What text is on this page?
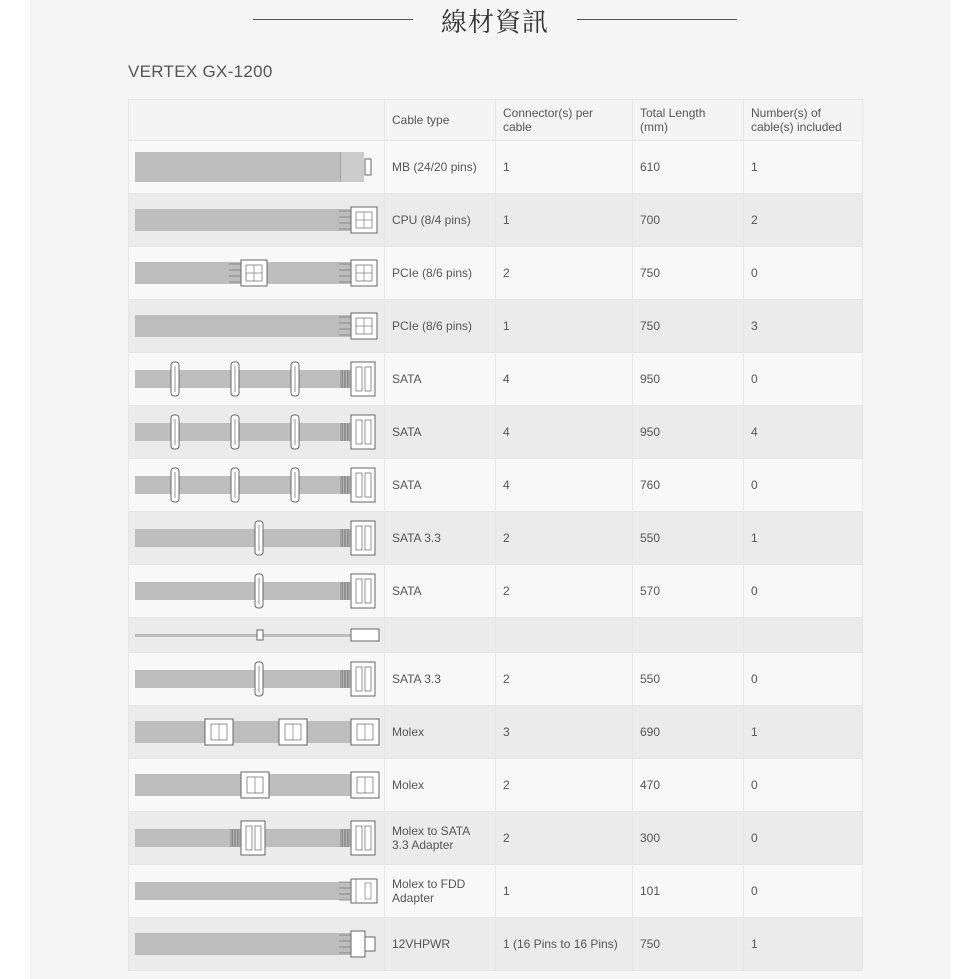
線材資訊
VERTEX GX-1200
	Cable type	Connector(s) per cable	Total Length (mm)	Number(s) of cable(s) included

	MB (24/20 pins)	1	610	1

	CPU (8/4 pins)	1	700	2

	PCIe (8/6 pins)	2	750	0

	PCIe (8/6 pins)	1	750	3

	SATA	4	950	0

	SATA	4	950	4

	SATA	4	760	0

	SATA 3.3	2	550	1

	SATA	2	570	0

	SATA 3.3	2	550	0

	Molex	3	690	1

	Molex	2	470	0

	Molex to SATA 3.3 Adapter	2	300	0

	Molex to FDD Adapter	1	101	0

	12VHPWR	1 (16 Pins to 16 Pins)	750	1
